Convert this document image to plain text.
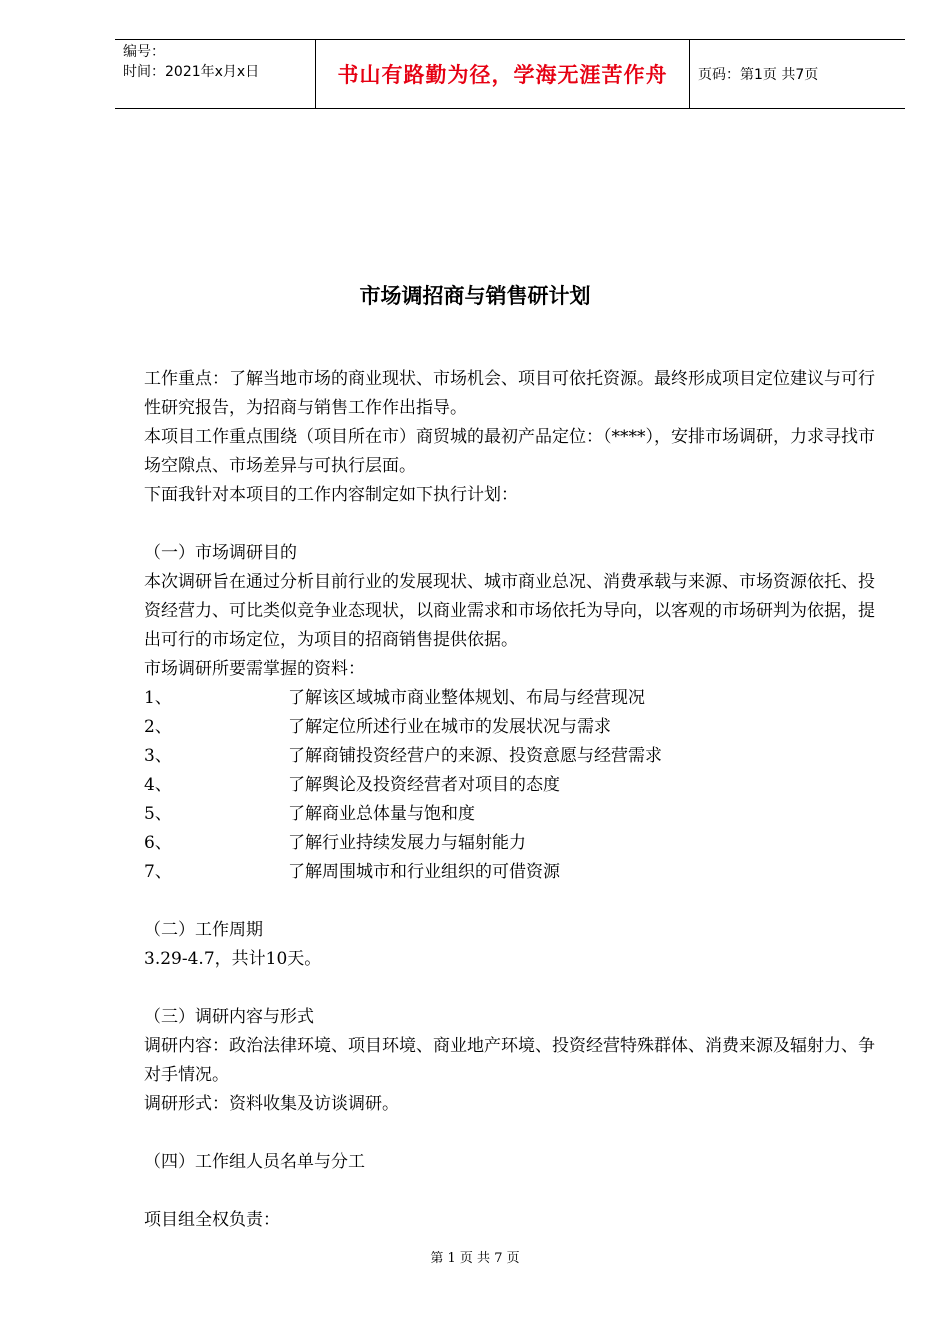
编号：
时间：2021年x月x日	书山有路勤为径，学海无涯苦作舟 页码：第1页 共7页
市场调招商与销售研计划

工作重点：了解当地市场的商业现状、市场机会、项目可依托资源。最终形成项目定位建议与可行性研究报告，为招商与销售工作作出指导。

本项目工作重点围绕（项目所在市）商贸城的最初产品定位：（****），安排市场调研，力求寻找市场空隙点、市场差异与可执行层面。

下面我针对本项目的工作内容制定如下执行计划：

（一）市场调研目的

本次调研旨在通过分析目前行业的发展现状、城市商业总况、消费承载与来源、市场资源依托、投资经营力、可比类似竞争业态现状，以商业需求和市场依托为导向，以客观的市场研判为依据，提出可行的市场定位，为项目的招商销售提供依据。

市场调研所要需掌握的资料：

1、	了解该区域城市商业整体规划、布局与经营现况
2、	了解定位所述行业在城市的发展状况与需求
3、	了解商铺投资经营户的来源、投资意愿与经营需求
4、	了解舆论及投资经营者对项目的态度
5、	了解商业总体量与饱和度
6、	了解行业持续发展力与辐射能力
7、	了解周围城市和行业组织的可借资源

（二）工作周期

3.29-4.7，共计10天。

（三）调研内容与形式

调研内容：政治法律环境、项目环境、商业地产环境、投资经营特殊群体、消费来源及辐射力、争对手情况。

调研形式：资料收集及访谈调研。

（四）工作组人员名单与分工

项目组全权负责：

第 1 页 共 7 页
